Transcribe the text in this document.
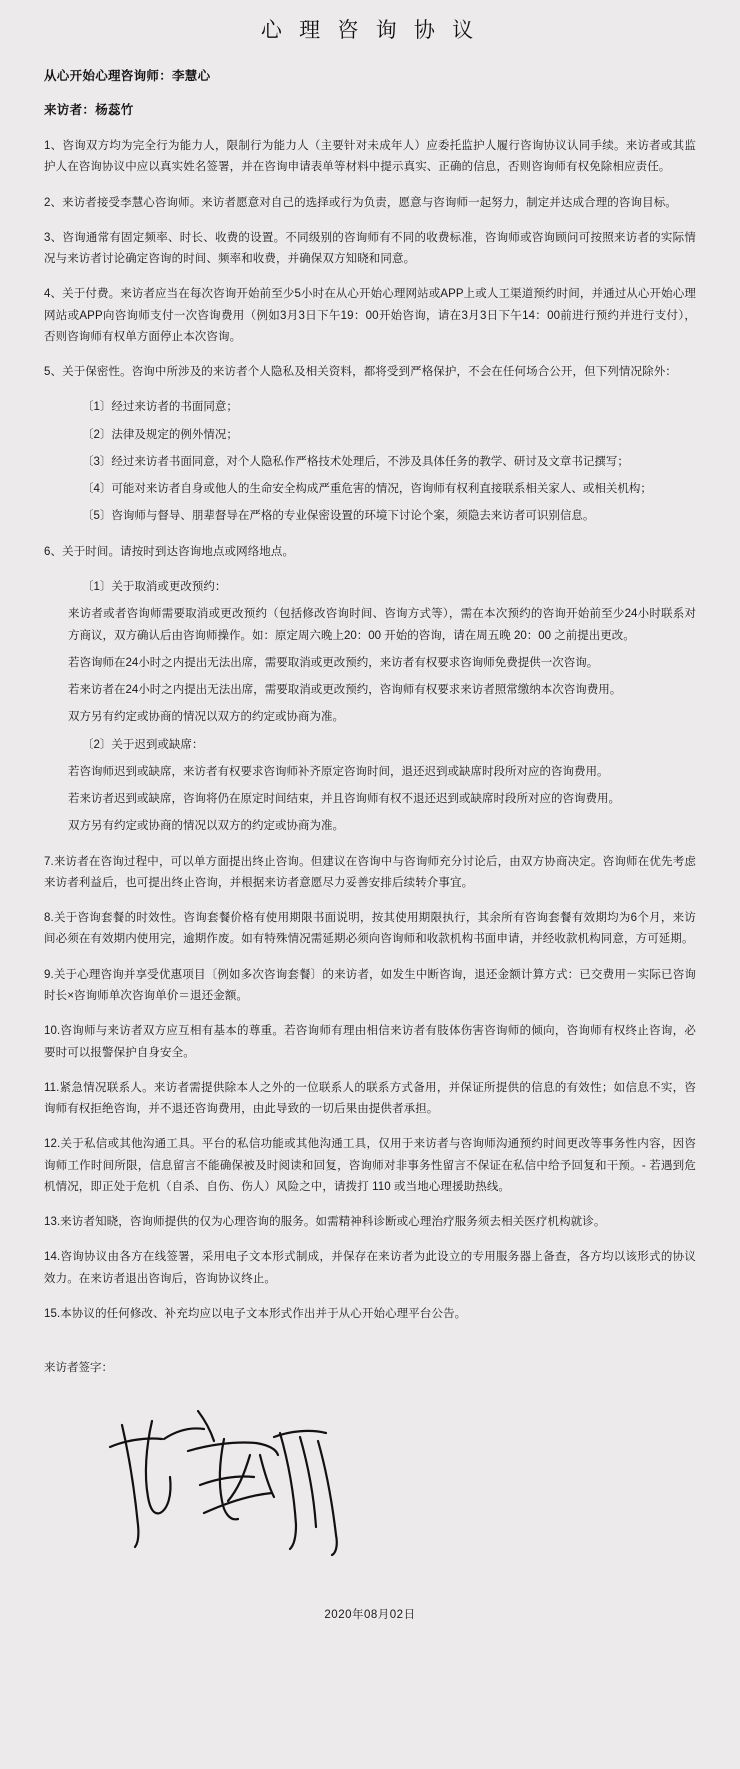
心 理 咨 询 协 议
从心开始心理咨询师：李慧心
来访者：杨蕊竹

1、咨询双方均为完全行为能力人，限制行为能力人（主要针对未成年人）应委托监护人履行咨询协议认同手续。来访者或其监护人在咨询协议中应以真实姓名签署，并在咨询申请表单等材料中提示真实、正确的信息，否则咨询师有权免除相应责任。

2、来访者接受李慧心咨询师。来访者愿意对自己的选择或行为负责，愿意与咨询师一起努力，制定并达成合理的咨询目标。

3、咨询通常有固定频率、时长、收费的设置。不同级别的咨询师有不同的收费标准，咨询师或咨询顾问可按照来访者的实际情况与来访者讨论确定咨询的时间、频率和收费，并确保双方知晓和同意。

4、关于付费。来访者应当在每次咨询开始前至少5小时在从心开始心理网站或APP上或人工渠道预约时间，并通过从心开始心理网站或APP向咨询师支付一次咨询费用（例如3月3日下午19：00开始咨询，请在3月3日下午14：00前进行预约并进行支付），否则咨询师有权单方面停止本次咨询。

5、关于保密性。咨询中所涉及的来访者个人隐私及相关资料，都将受到严格保护，不会在任何场合公开，但下列情况除外：

〔1〕经过来访者的书面同意；

〔2〕法律及规定的例外情况；

〔3〕经过来访者书面同意，对个人隐私作严格技术处理后，不涉及具体任务的教学、研讨及文章书记撰写；

〔4〕可能对来访者自身或他人的生命安全构成严重危害的情况，咨询师有权利直接联系相关家人、或相关机构；

〔5〕咨询师与督导、朋辈督导在严格的专业保密设置的环境下讨论个案，须隐去来访者可识别信息。

6、关于时间。请按时到达咨询地点或网络地点。

〔1〕关于取消或更改预约：

来访者或者咨询师需要取消或更改预约（包括修改咨询时间、咨询方式等），需在本次预约的咨询开始前至少24小时联系对方商议，双方确认后由咨询师操作。如：原定周六晚上20：00 开始的咨询，请在周五晚 20：00 之前提出更改。

若咨询师在24小时之内提出无法出席，需要取消或更改预约，来访者有权要求咨询师免费提供一次咨询。

若来访者在24小时之内提出无法出席，需要取消或更改预约，咨询师有权要求来访者照常缴纳本次咨询费用。

双方另有约定或协商的情况以双方的约定或协商为准。

〔2〕关于迟到或缺席：

若咨询师迟到或缺席，来访者有权要求咨询师补齐原定咨询时间，退还迟到或缺席时段所对应的咨询费用。

若来访者迟到或缺席，咨询将仍在原定时间结束，并且咨询师有权不退还迟到或缺席时段所对应的咨询费用。

双方另有约定或协商的情况以双方的约定或协商为准。

7.来访者在咨询过程中，可以单方面提出终止咨询。但建议在咨询中与咨询师充分讨论后，由双方协商决定。咨询师在优先考虑来访者利益后，也可提出终止咨询，并根据来访者意愿尽力妥善安排后续转介事宜。

8.关于咨询套餐的时效性。咨询套餐价格有使用期限书面说明，按其使用期限执行，其余所有咨询套餐有效期均为6个月，来访间必须在有效期内使用完，逾期作废。如有特殊情况需延期必须向咨询师和收款机构书面申请，并经收款机构同意，方可延期。

9.关于心理咨询并享受优惠项目〔例如多次咨询套餐〕的来访者，如发生中断咨询，退还金额计算方式：已交费用－实际已咨询时长×咨询师单次咨询单价＝退还金额。

10.咨询师与来访者双方应互相有基本的尊重。若咨询师有理由相信来访者有肢体伤害咨询师的倾向，咨询师有权终止咨询，必要时可以报警保护自身安全。

11.紧急情况联系人。来访者需提供除本人之外的一位联系人的联系方式备用，并保证所提供的信息的有效性；如信息不实，咨询师有权拒绝咨询，并不退还咨询费用，由此导致的一切后果由提供者承担。

12.关于私信或其他沟通工具。平台的私信功能或其他沟通工具，仅用于来访者与咨询师沟通预约时间更改等事务性内容，因咨询师工作时间所限，信息留言不能确保被及时阅读和回复，咨询师对非事务性留言不保证在私信中给予回复和干预。- 若遇到危机情况，即正处于危机（自杀、自伤、伤人）风险之中，请拨打 110 或当地心理援助热线。

13.来访者知晓，咨询师提供的仅为心理咨询的服务。如需精神科诊断或心理治疗服务须去相关医疗机构就诊。

14.咨询协议由各方在线签署，采用电子文本形式制成，并保存在来访者为此设立的专用服务器上备查，各方均以该形式的协议效力。在来访者退出咨询后，咨询协议终止。

15.本协议的任何修改、补充均应以电子文本形式作出并于从心开始心理平台公告。

来访者签字：

2020年08月02日
